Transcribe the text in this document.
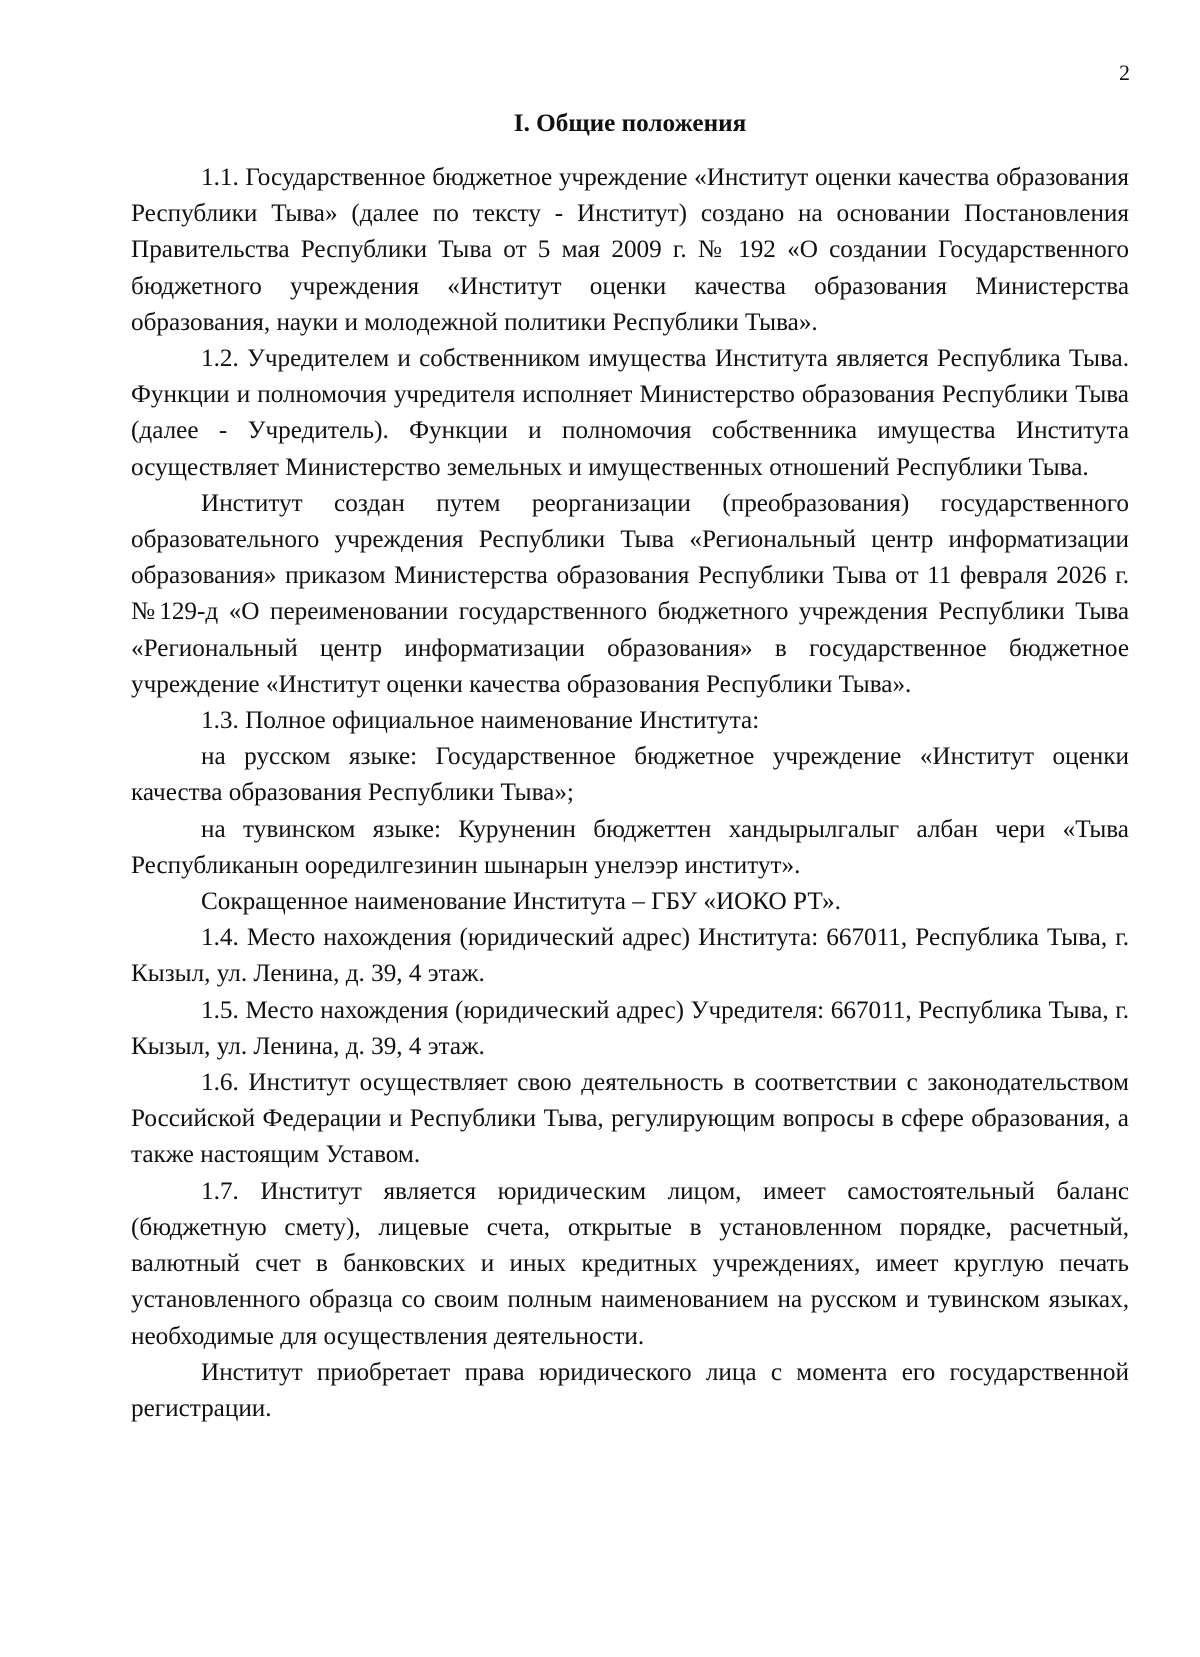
2
I. Общие положения

1.1. Государственное бюджетное учреждение «Институт оценки качества образования Республики Тыва» (далее по тексту - Институт) создано на основании Постановления Правительства Республики Тыва от 5 мая 2009 г. № 192 «О создании Государственного бюджетного учреждения «Институт оценки качества образования Министерства образования, науки и молодежной политики Республики Тыва».

1.2. Учредителем и собственником имущества Института является Республика Тыва. Функции и полномочия учредителя исполняет Министерство образования Республики Тыва (далее - Учредитель). Функции и полномочия собственника имущества Института осуществляет Министерство земельных и имущественных отношений Республики Тыва.

Институт создан путем реорганизации (преобразования) государственного образовательного учреждения Республики Тыва «Региональный центр информатизации образования» приказом Министерства образования Республики Тыва от 11 февраля 2026 г. №129-д «О переименовании государственного бюджетного учреждения Республики Тыва «Региональный центр информатизации образования» в государственное бюджетное учреждение «Институт оценки качества образования Республики Тыва».

1.3. Полное официальное наименование Института:

на русском языке: Государственное бюджетное учреждение «Институт оценки качества образования Республики Тыва»;

на тувинском языке: Куруненин бюджеттен хандырылгалыг албан чери «Тыва Республиканын ооредилгезинин шынарын унелээр институт».

Сокращенное наименование Института – ГБУ «ИОКО РТ».

1.4. Место нахождения (юридический адрес) Института: 667011, Республика Тыва, г. Кызыл, ул. Ленина, д. 39, 4 этаж.

1.5. Место нахождения (юридический адрес) Учредителя: 667011, Республика Тыва, г. Кызыл, ул. Ленина, д. 39, 4 этаж.

1.6. Институт осуществляет свою деятельность в соответствии с законодательством Российской Федерации и Республики Тыва, регулирующим вопросы в сфере образования, а также настоящим Уставом.

1.7. Институт является юридическим лицом, имеет самостоятельный баланс (бюджетную смету), лицевые счета, открытые в установленном порядке, расчетный, валютный счет в банковских и иных кредитных учреждениях, имеет круглую печать установленного образца со своим полным наименованием на русском и тувинском языках, необходимые для осуществления деятельности.

Институт приобретает права юридического лица с момента его государственной регистрации.
